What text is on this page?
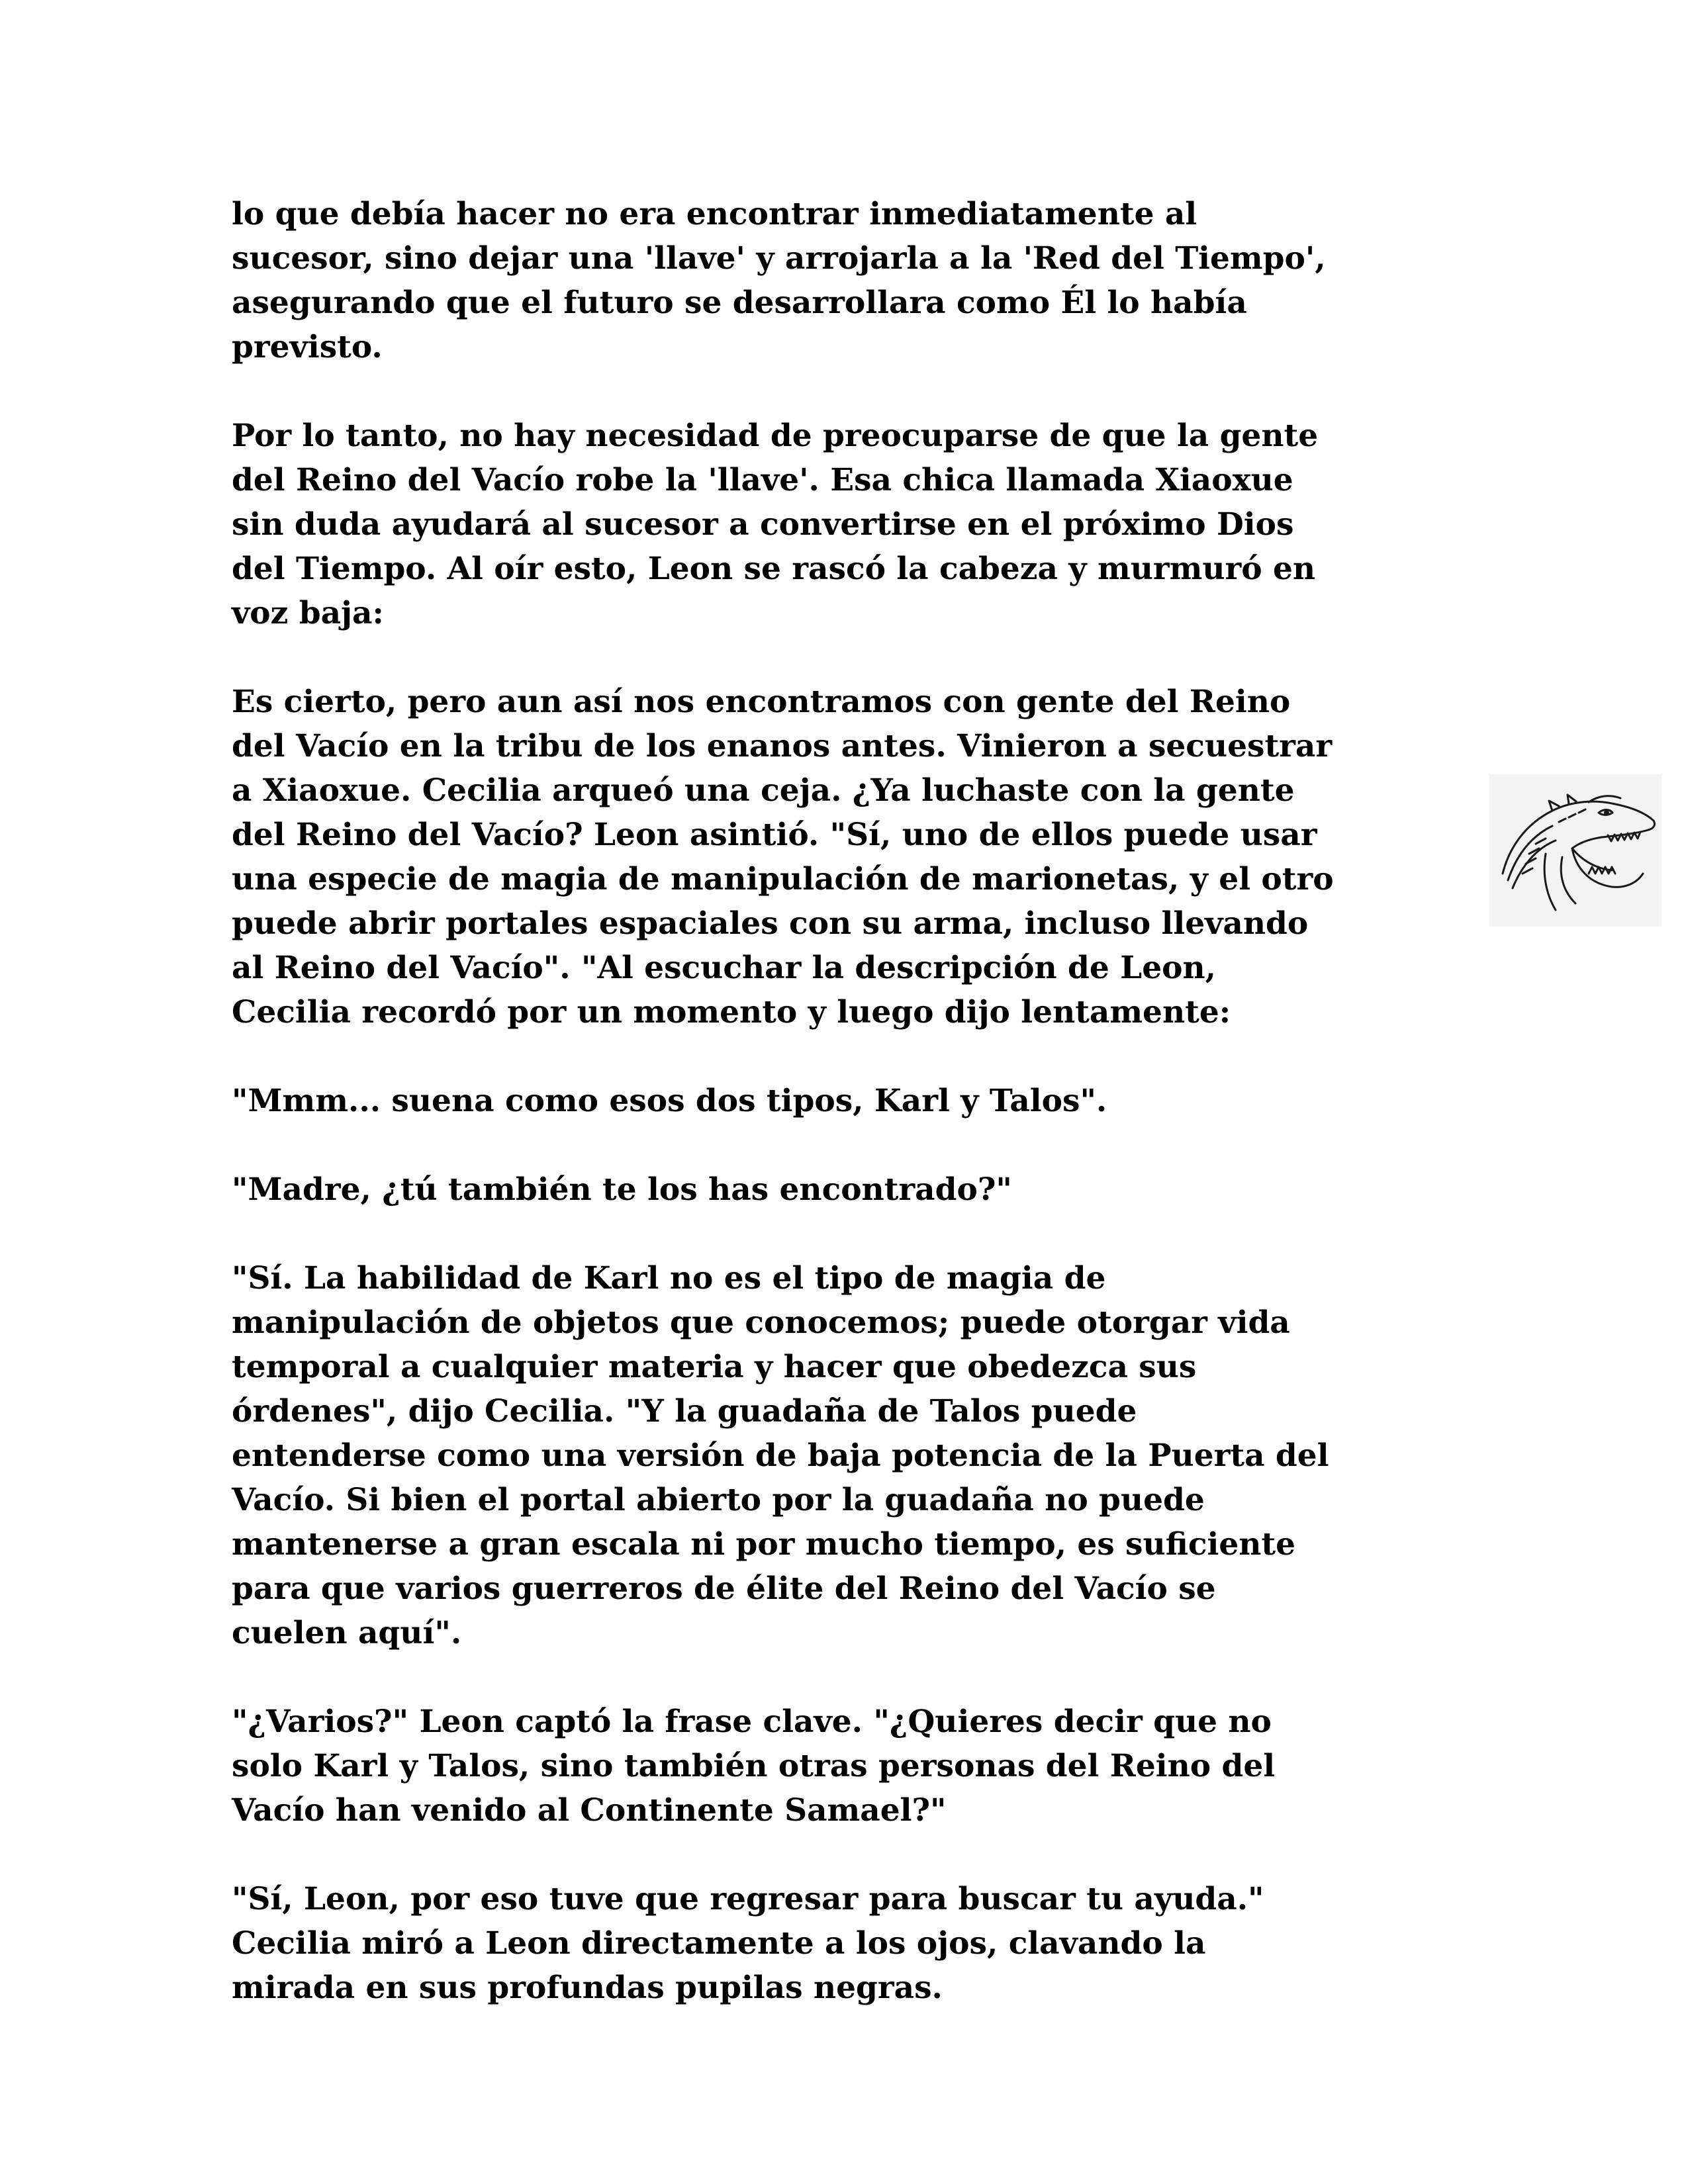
lo que debía hacer no era encontrar inmediatamente al
sucesor, sino dejar una 'llave' y arrojarla a la 'Red del Tiempo',
asegurando que el futuro se desarrollara como Él lo había
previsto.

Por lo tanto, no hay necesidad de preocuparse de que la gente
del Reino del Vacío robe la 'llave'. Esa chica llamada Xiaoxue
sin duda ayudará al sucesor a convertirse en el próximo Dios
del Tiempo. Al oír esto, Leon se rascó la cabeza y murmuró en
voz baja:

Es cierto, pero aun así nos encontramos con gente del Reino
del Vacío en la tribu de los enanos antes. Vinieron a secuestrar
a Xiaoxue. Cecilia arqueó una ceja. ¿Ya luchaste con la gente
del Reino del Vacío? Leon asintió. "Sí, uno de ellos puede usar
una especie de magia de manipulación de marionetas, y el otro
puede abrir portales espaciales con su arma, incluso llevando
al Reino del Vacío". "Al escuchar la descripción de Leon,
Cecilia recordó por un momento y luego dijo lentamente:

"Mmm... suena como esos dos tipos, Karl y Talos".

"Madre, ¿tú también te los has encontrado?"

"Sí. La habilidad de Karl no es el tipo de magia de
manipulación de objetos que conocemos; puede otorgar vida
temporal a cualquier materia y hacer que obedezca sus
órdenes", dijo Cecilia. "Y la guadaña de Talos puede
entenderse como una versión de baja potencia de la Puerta del
Vacío. Si bien el portal abierto por la guadaña no puede
mantenerse a gran escala ni por mucho tiempo, es suficiente
para que varios guerreros de élite del Reino del Vacío se
cuelen aquí".

"¿Varios?" Leon captó la frase clave. "¿Quieres decir que no
solo Karl y Talos, sino también otras personas del Reino del
Vacío han venido al Continente Samael?"

"Sí, Leon, por eso tuve que regresar para buscar tu ayuda."
Cecilia miró a Leon directamente a los ojos, clavando la
mirada en sus profundas pupilas negras.
